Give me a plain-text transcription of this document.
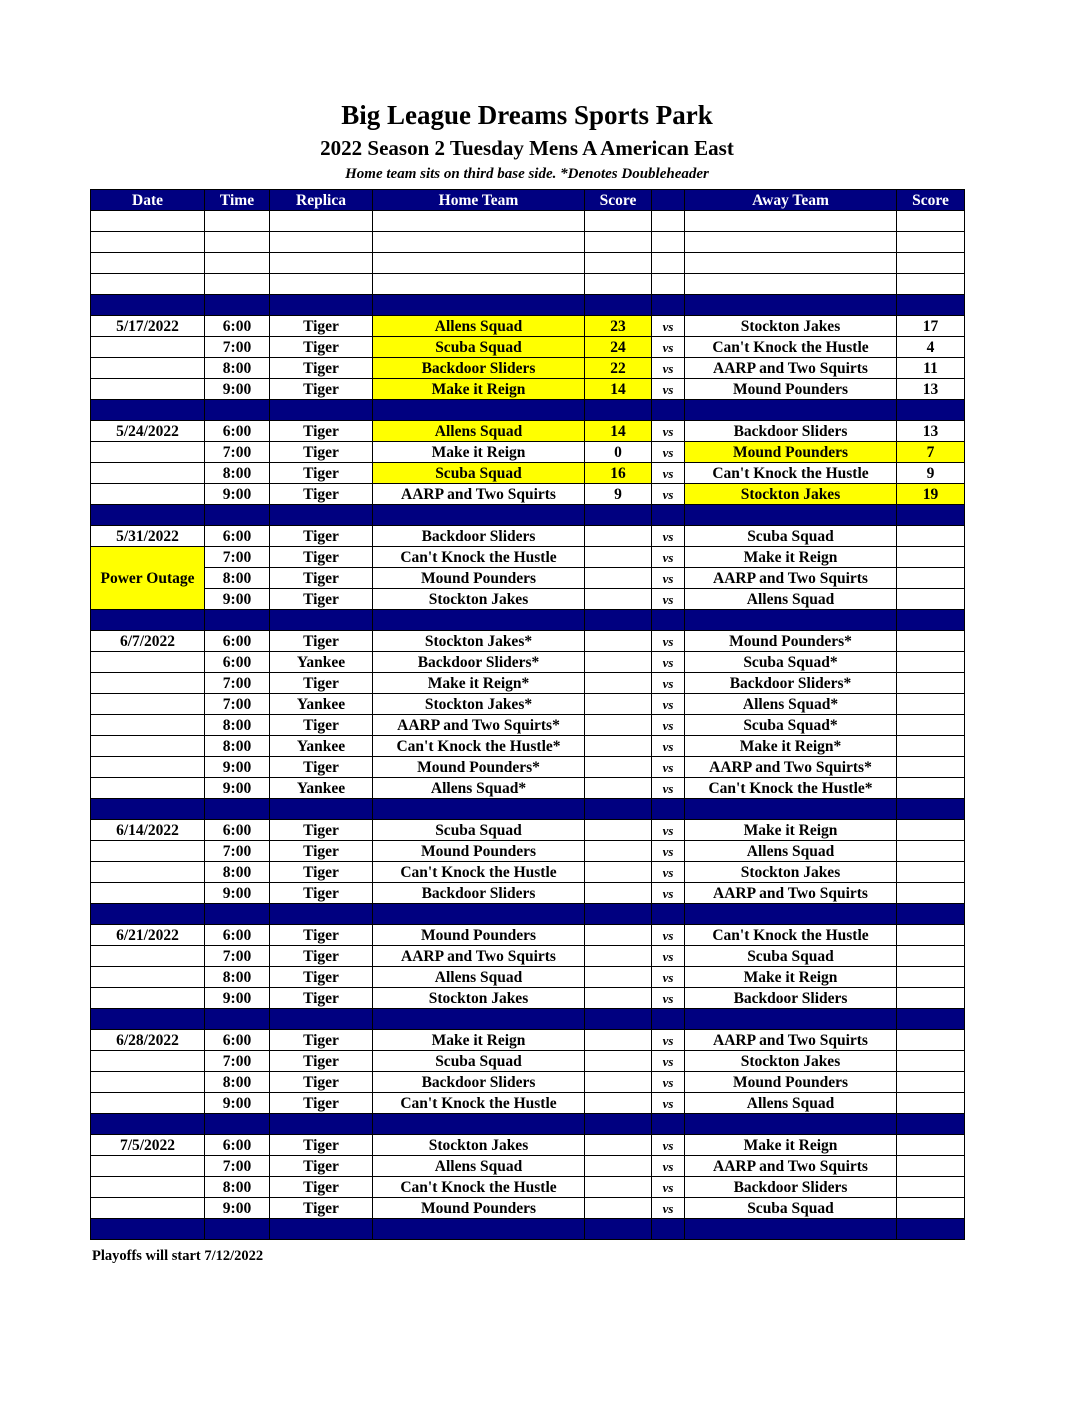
Big League Dreams Sports Park
2022 Season 2 Tuesday Mens A American East
Home team sits on third base side. *Denotes Doubleheader
Date	Time	Replica	Home Team	Score		Away Team	Score

5/17/2022	6:00	Tiger	Allens Squad	23	vs	Stockton Jakes	17
	7:00	Tiger	Scuba Squad	24	vs	Can't Knock the Hustle	4
	8:00	Tiger	Backdoor Sliders	22	vs	AARP and Two Squirts	11
	9:00	Tiger	Make it Reign	14	vs	Mound Pounders	13

5/24/2022	6:00	Tiger	Allens Squad	14	vs	Backdoor Sliders	13
	7:00	Tiger	Make it Reign	0	vs	Mound Pounders	7
	8:00	Tiger	Scuba Squad	16	vs	Can't Knock the Hustle	9
	9:00	Tiger	AARP and Two Squirts	9	vs	Stockton Jakes	19

5/31/2022	6:00	Tiger	Backdoor Sliders		vs	Scuba Squad	
Power Outage	7:00	Tiger	Can't Knock the Hustle		vs	Make it Reign	
	8:00	Tiger	Mound Pounders		vs	AARP and Two Squirts	
	9:00	Tiger	Stockton Jakes		vs	Allens Squad	

6/7/2022	6:00	Tiger	Stockton Jakes*		vs	Mound Pounders*	
	6:00	Yankee	Backdoor Sliders*		vs	Scuba Squad*	
	7:00	Tiger	Make it Reign*		vs	Backdoor Sliders*	
	7:00	Yankee	Stockton Jakes*		vs	Allens Squad*	
	8:00	Tiger	AARP and Two Squirts*		vs	Scuba Squad*	
	8:00	Yankee	Can't Knock the Hustle*		vs	Make it Reign*	
	9:00	Tiger	Mound Pounders*		vs	AARP and Two Squirts*	
	9:00	Yankee	Allens Squad*		vs	Can't Knock the Hustle*	

6/14/2022	6:00	Tiger	Scuba Squad		vs	Make it Reign	
	7:00	Tiger	Mound Pounders		vs	Allens Squad	
	8:00	Tiger	Can't Knock the Hustle		vs	Stockton Jakes	
	9:00	Tiger	Backdoor Sliders		vs	AARP and Two Squirts	

6/21/2022	6:00	Tiger	Mound Pounders		vs	Can't Knock the Hustle	
	7:00	Tiger	AARP and Two Squirts		vs	Scuba Squad	
	8:00	Tiger	Allens Squad		vs	Make it Reign	
	9:00	Tiger	Stockton Jakes		vs	Backdoor Sliders	

6/28/2022	6:00	Tiger	Make it Reign		vs	AARP and Two Squirts	
	7:00	Tiger	Scuba Squad		vs	Stockton Jakes	
	8:00	Tiger	Backdoor Sliders		vs	Mound Pounders	
	9:00	Tiger	Can't Knock the Hustle		vs	Allens Squad	

7/5/2022	6:00	Tiger	Stockton Jakes		vs	Make it Reign	
	7:00	Tiger	Allens Squad		vs	AARP and Two Squirts	
	8:00	Tiger	Can't Knock the Hustle		vs	Backdoor Sliders	
	9:00	Tiger	Mound Pounders		vs	Scuba Squad	

Playoffs will start 7/12/2022
